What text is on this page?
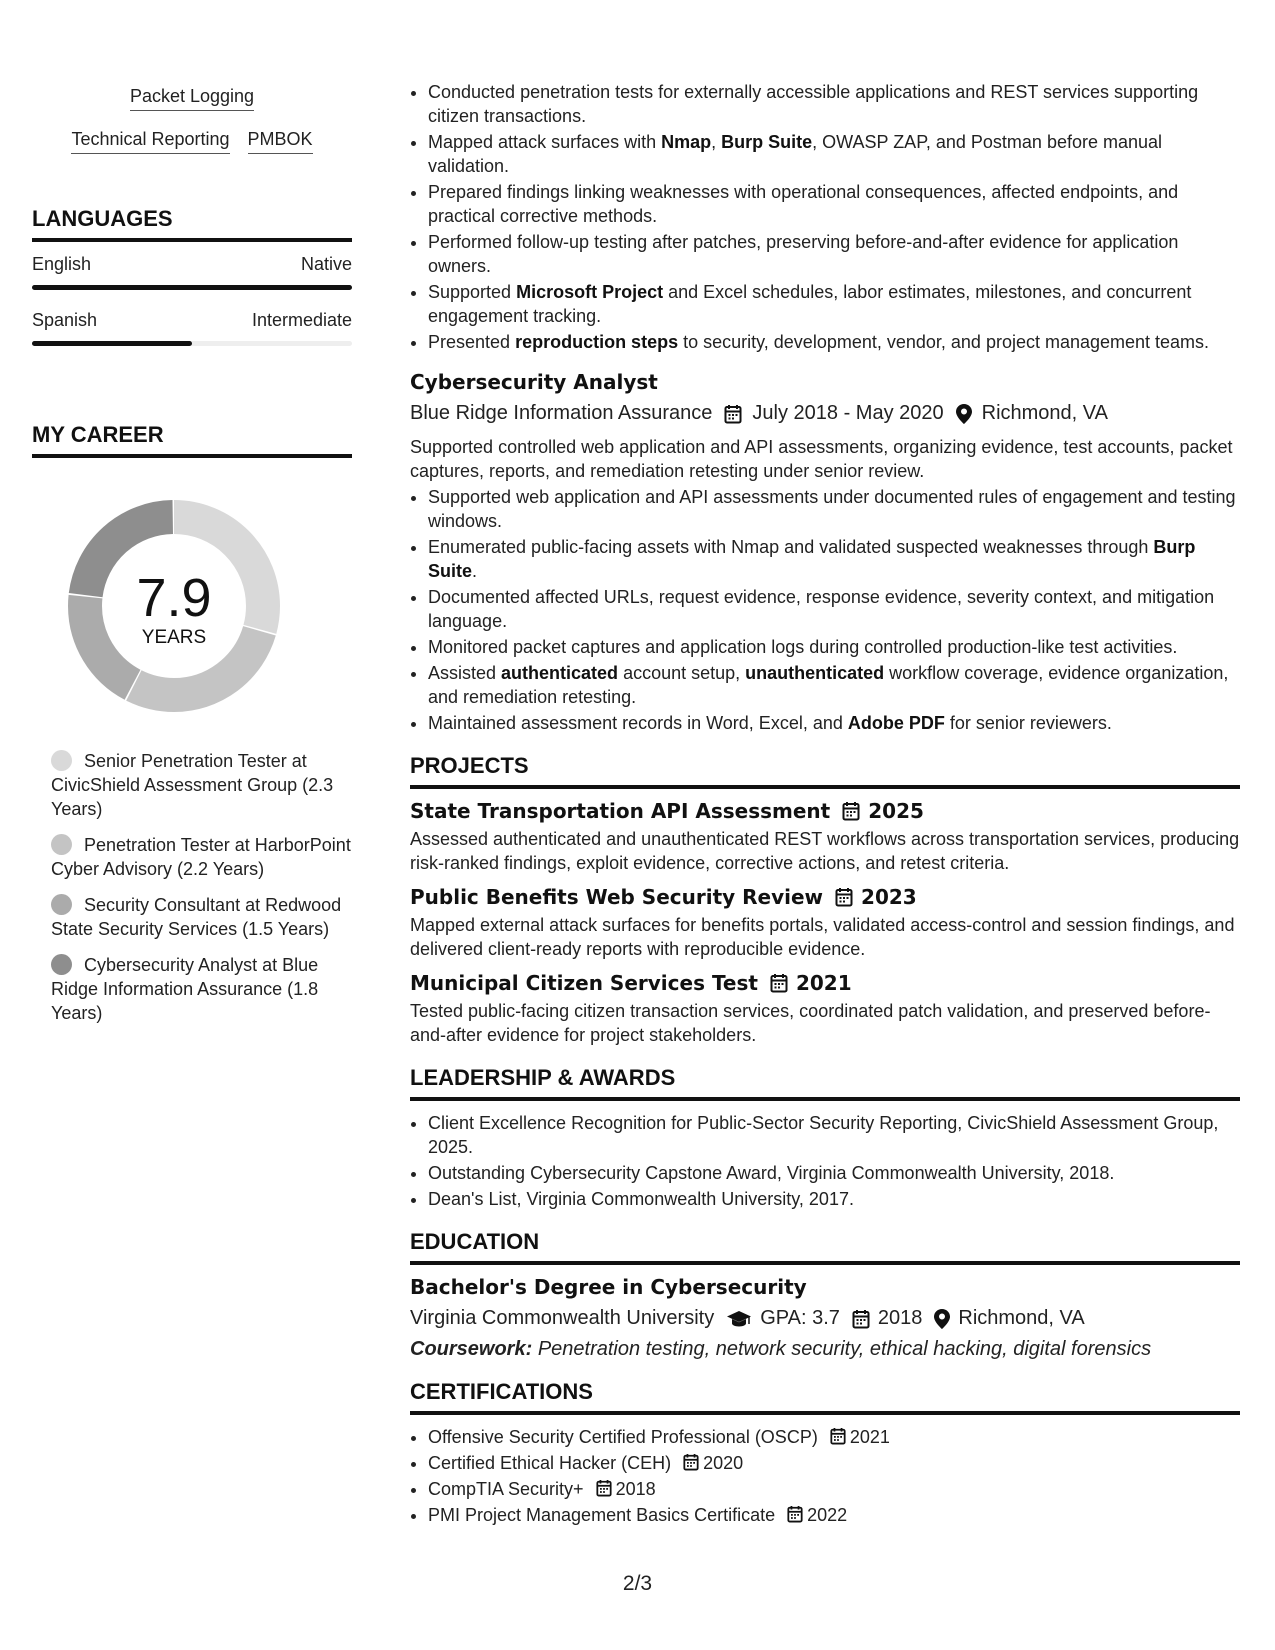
Packet Logging
Technical Reporting PMBOK
LANGUAGES
English	Native
Spanish	Intermediate
MY CAREER
7.9
YEARS
Senior Penetration Tester at CivicShield Assessment Group (2.3 Years)
Penetration Tester at HarborPoint Cyber Advisory (2.2 Years)
Security Consultant at Redwood State Security Services (1.5 Years)
Cybersecurity Analyst at Blue Ridge Information Assurance (1.8 Years)
• Conducted penetration tests for externally accessible applications and REST services supporting citizen transactions.
• Mapped attack surfaces with Nmap, Burp Suite, OWASP ZAP, and Postman before manual validation.
• Prepared findings linking weaknesses with operational consequences, affected endpoints, and practical corrective methods.
• Performed follow-up testing after patches, preserving before-and-after evidence for application owners.
• Supported Microsoft Project and Excel schedules, labor estimates, milestones, and concurrent engagement tracking.
• Presented reproduction steps to security, development, vendor, and project management teams.
Cybersecurity Analyst
Blue Ridge Information Assurance July 2018 - May 2020 Richmond, VA
Supported controlled web application and API assessments, organizing evidence, test accounts, packet captures, reports, and remediation retesting under senior review.
• Supported web application and API assessments under documented rules of engagement and testing windows.
• Enumerated public-facing assets with Nmap and validated suspected weaknesses through Burp Suite.
• Documented affected URLs, request evidence, response evidence, severity context, and mitigation language.
• Monitored packet captures and application logs during controlled production-like test activities.
• Assisted authenticated account setup, unauthenticated workflow coverage, evidence organization, and remediation retesting.
• Maintained assessment records in Word, Excel, and Adobe PDF for senior reviewers.
PROJECTS
State Transportation API Assessment 2025
Assessed authenticated and unauthenticated REST workflows across transportation services, producing risk-ranked findings, exploit evidence, corrective actions, and retest criteria.
Public Benefits Web Security Review 2023
Mapped external attack surfaces for benefits portals, validated access-control and session findings, and delivered client-ready reports with reproducible evidence.
Municipal Citizen Services Test 2021
Tested public-facing citizen transaction services, coordinated patch validation, and preserved before-and-after evidence for project stakeholders.
LEADERSHIP & AWARDS
• Client Excellence Recognition for Public-Sector Security Reporting, CivicShield Assessment Group, 2025.
• Outstanding Cybersecurity Capstone Award, Virginia Commonwealth University, 2018.
• Dean's List, Virginia Commonwealth University, 2017.
EDUCATION
Bachelor's Degree in Cybersecurity
Virginia Commonwealth University GPA: 3.7 2018 Richmond, VA
Coursework: Penetration testing, network security, ethical hacking, digital forensics
CERTIFICATIONS
• Offensive Security Certified Professional (OSCP) 2021
• Certified Ethical Hacker (CEH) 2020
• CompTIA Security+ 2018
• PMI Project Management Basics Certificate 2022
2/3
